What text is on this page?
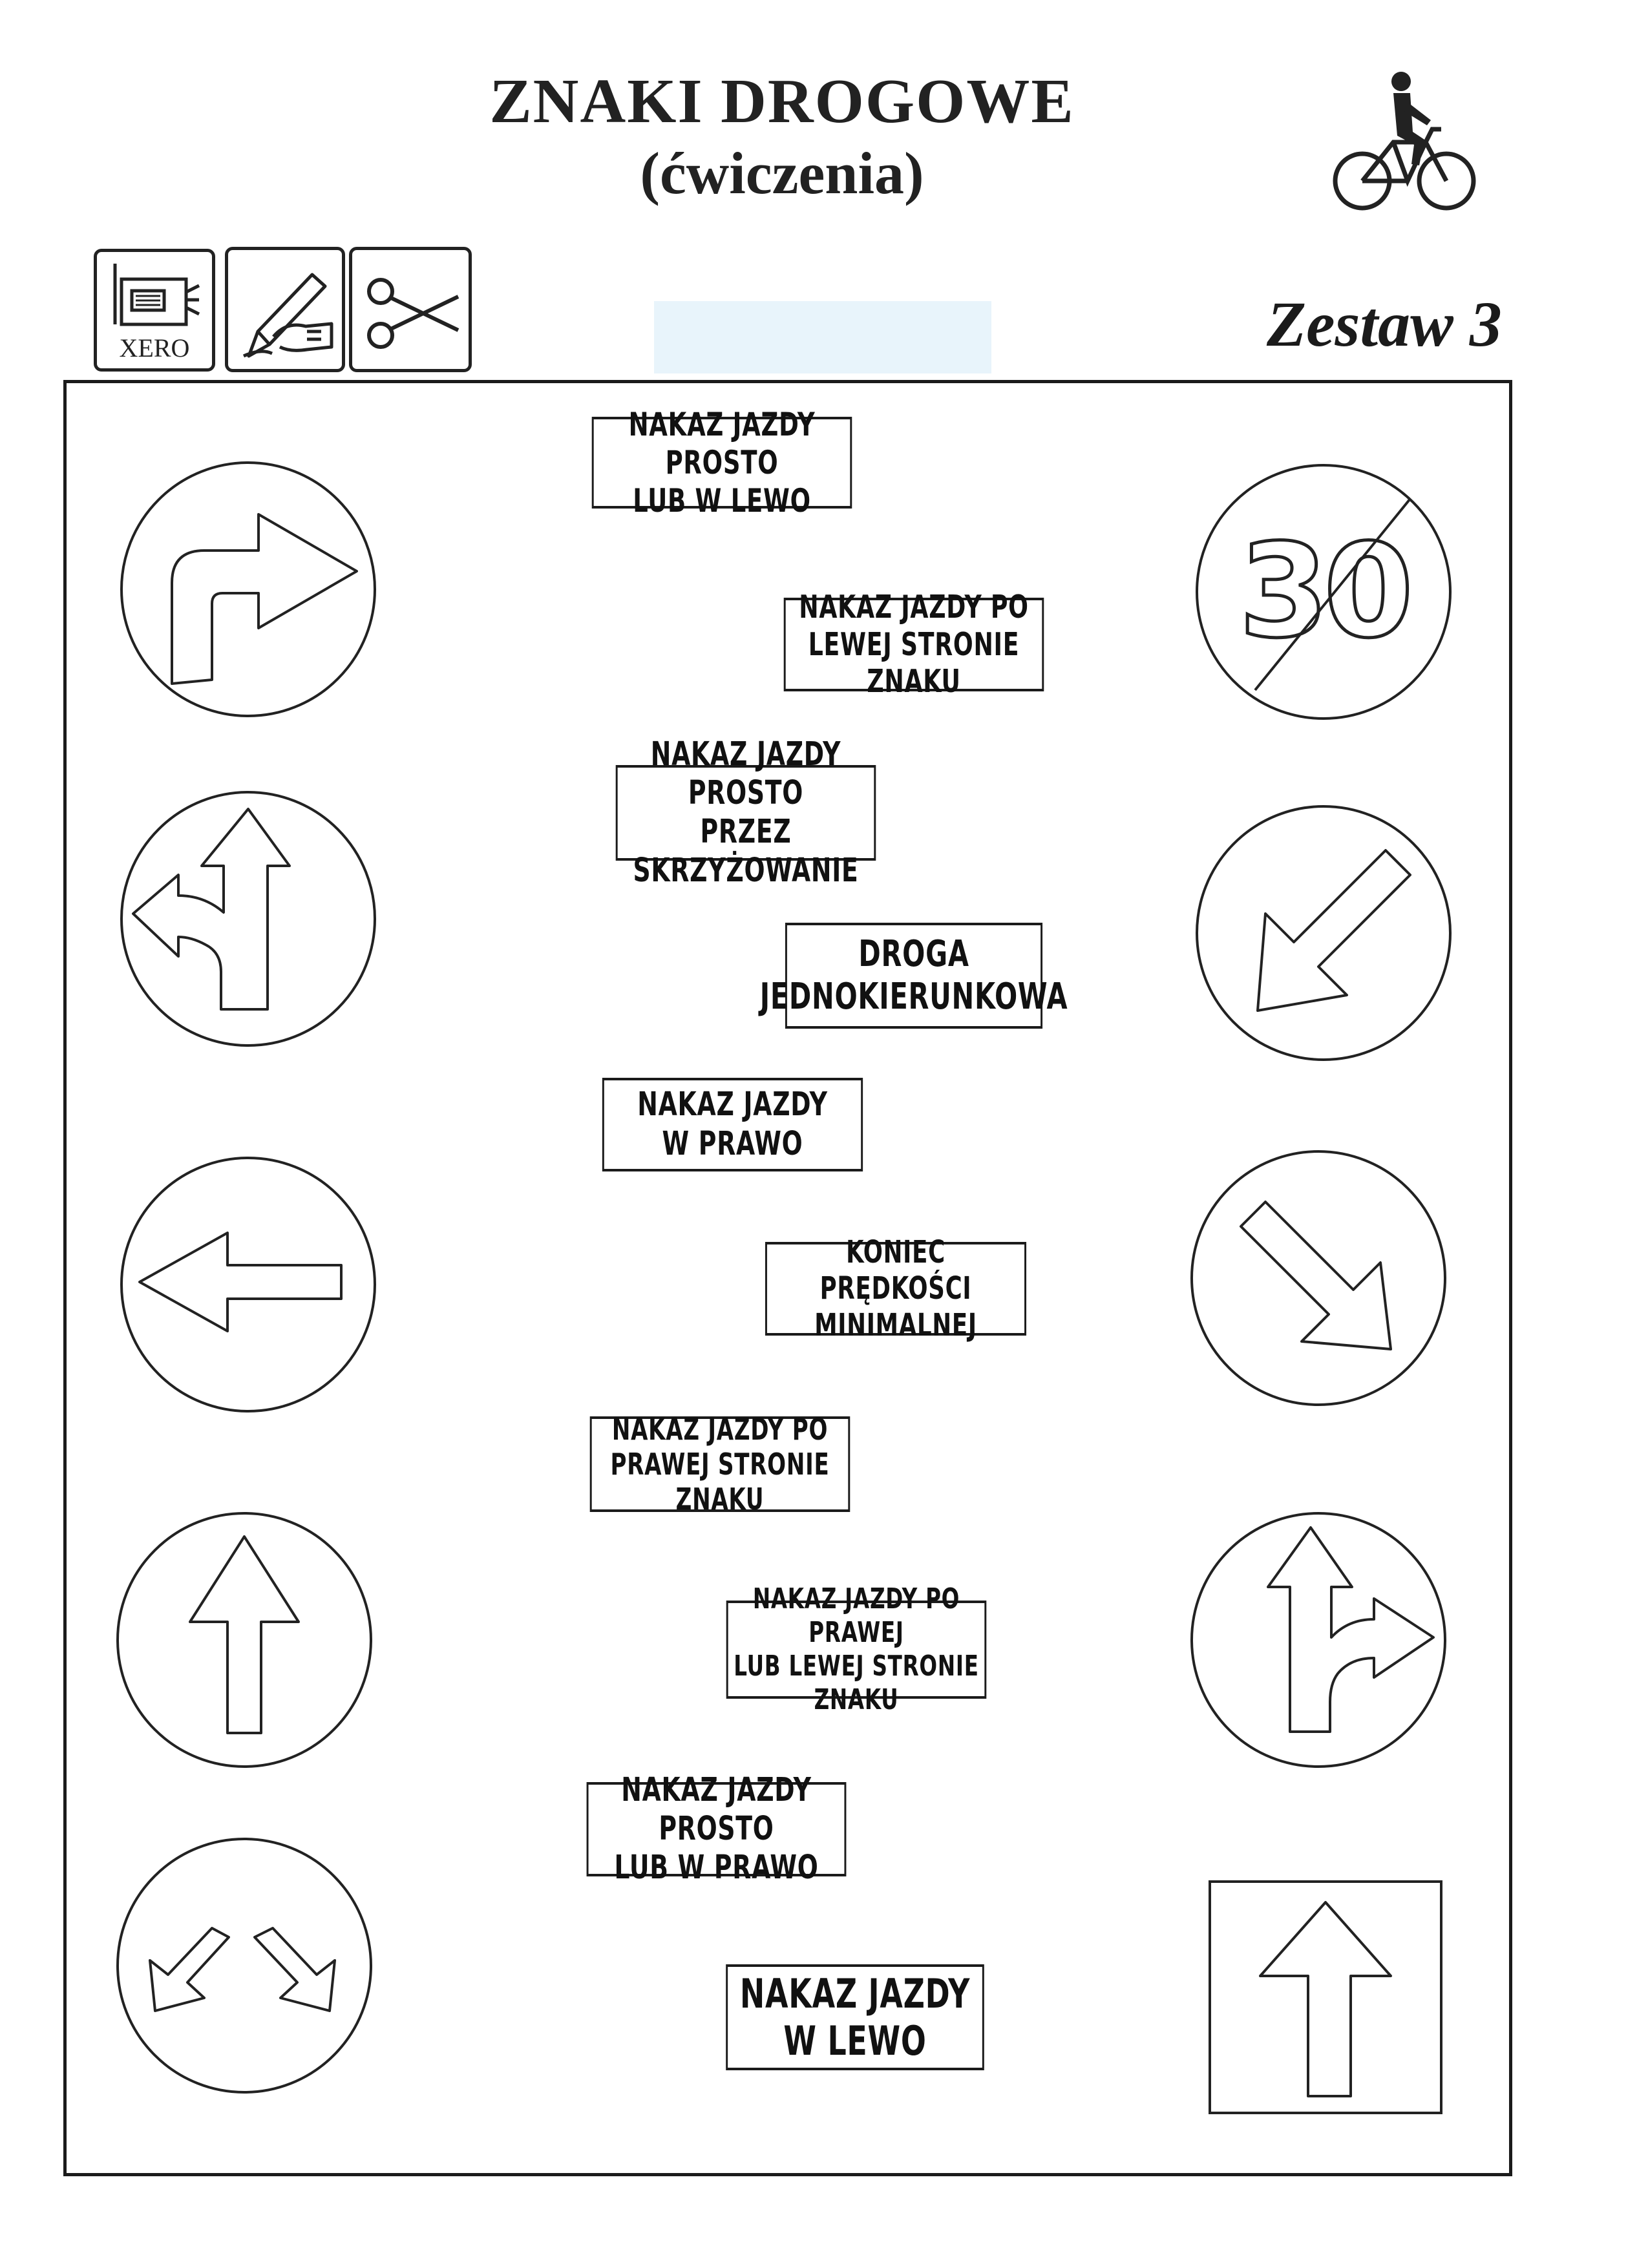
ZNAKI DROGOWE
(ćwiczenia)
XERO	Zestaw 3
NAKAZ JAZDY PROSTO
LUB W LEWO
NAKAZ JAZDY PO
LEWEJ STRONIE ZNAKU
NAKAZ JAZDY PROSTO
PRZEZ SKRZYŻOWANIE
DROGA
JEDNOKIERUNKOWA
NAKAZ JAZDY
W PRAWO
KONIEC PRĘDKOŚCI
MINIMALNEJ
NAKAZ JAZDY PO
PRAWEJ STRONIE ZNAKU
NAKAZ JAZDY PO PRAWEJ
LUB LEWEJ STRONIE ZNAKU
NAKAZ JAZDY PROSTO
LUB W PRAWO
NAKAZ JAZDY
W LEWO
30
